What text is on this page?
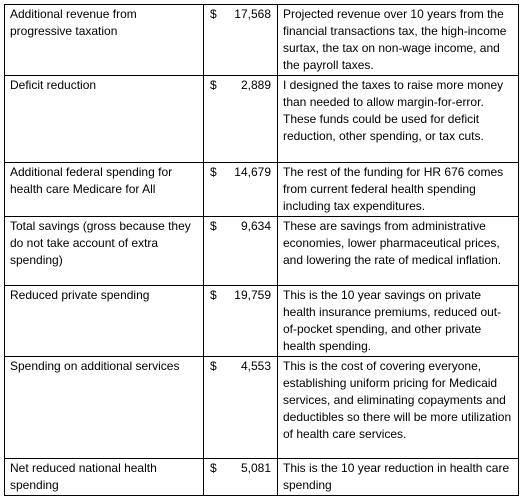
Additional revenue from progressive taxation	$ 17,568	Projected revenue over 10 years from the financial transactions tax, the high-income surtax, the tax on non-wage income, and the payroll taxes.
Deficit reduction	$ 2,889	I designed the taxes to raise more money than needed to allow margin-for-error. These funds could be used for deficit reduction, other spending, or tax cuts.
Additional federal spending for health care Medicare for All	$ 14,679	The rest of the funding for HR 676 comes from current federal health spending including tax expenditures.
Total savings (gross because they do not take account of extra spending)	$ 9,634	These are savings from administrative economies, lower pharmaceutical prices, and lowering the rate of medical inflation.
Reduced private spending	$ 19,759	This is the 10 year savings on private health insurance premiums, reduced out-of-pocket spending, and other private health spending.
Spending on additional services	$ 4,553	This is the cost of covering everyone, establishing uniform pricing for Medicaid services, and eliminating copayments and deductibles so there will be more utilization of health care services.
Net reduced national health spending	$ 5,081	This is the 10 year reduction in health care spending
